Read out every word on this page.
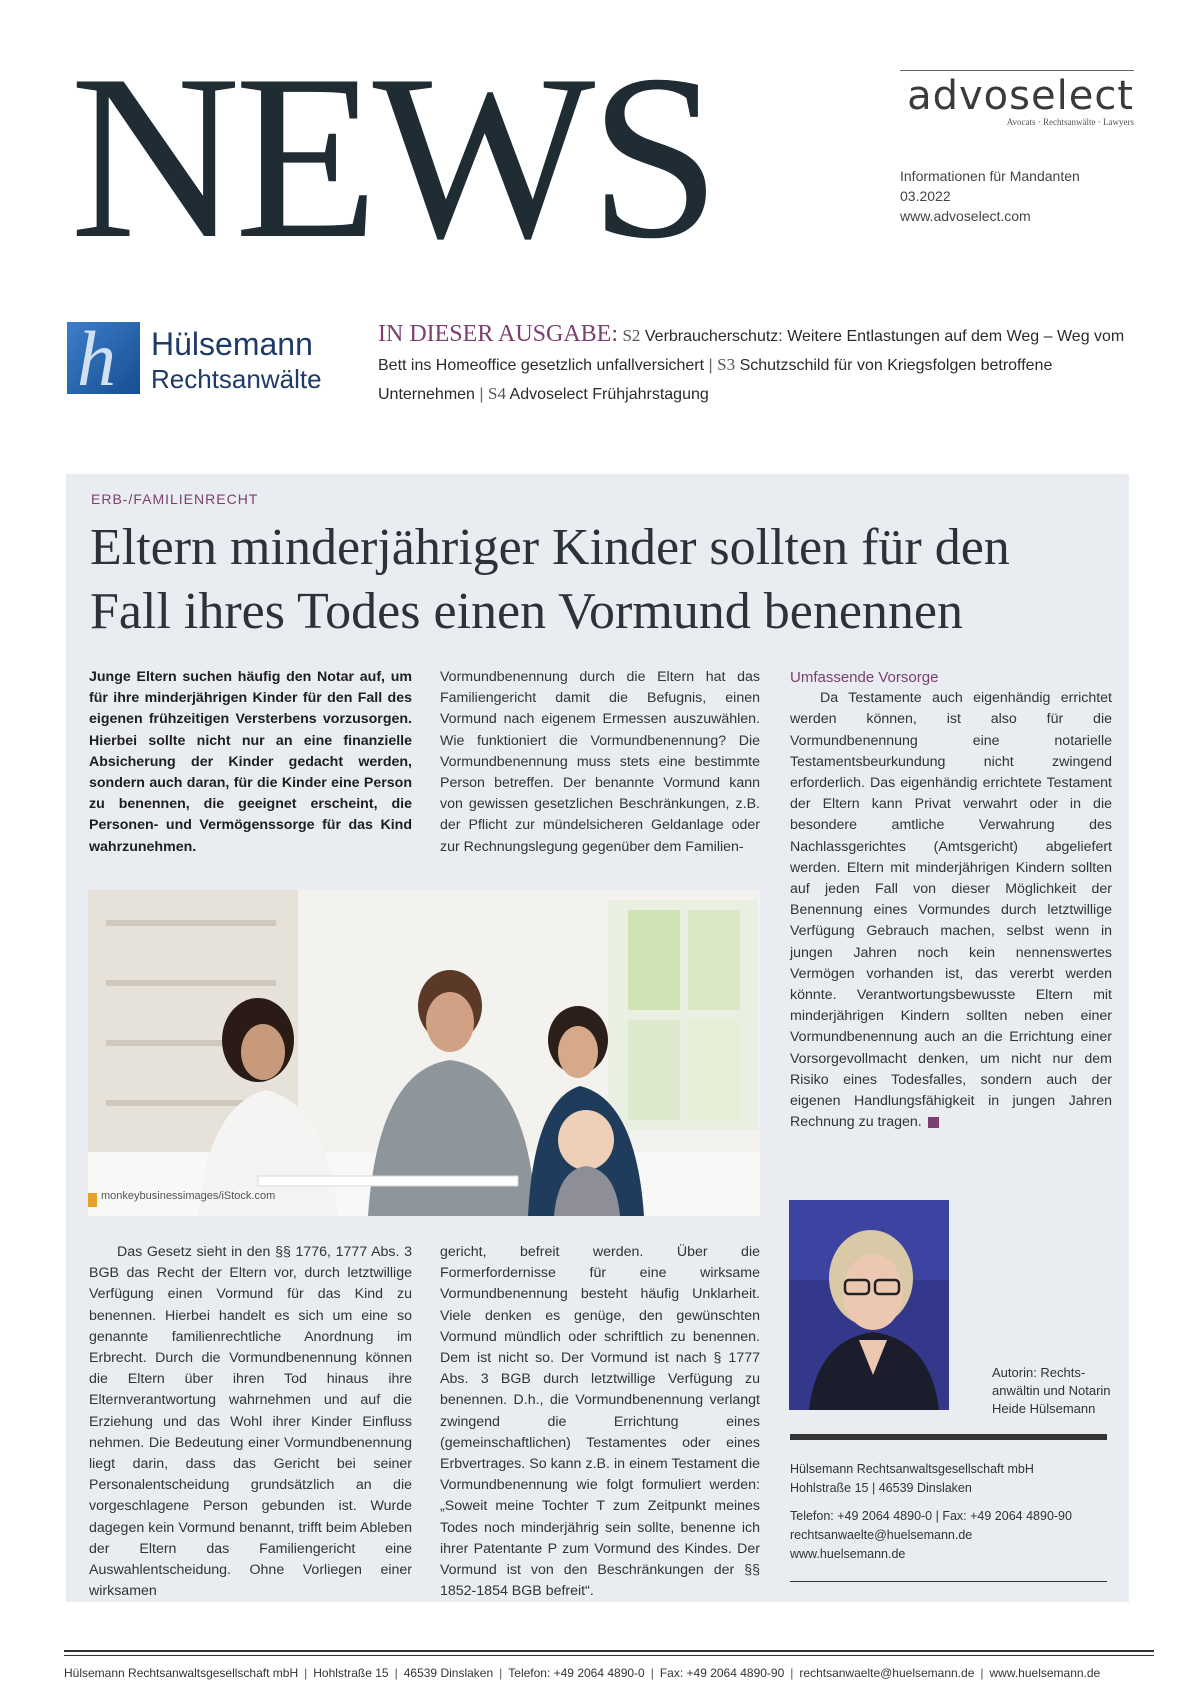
NEWS	advoselect
Avocats · Rechtsanwälte · Lawyers
Informationen für Mandanten
03.2022
www.advoselect.com
h Hülsemann
Rechtsanwälte
IN DIESER AUSGABE: S2 Verbraucherschutz: Weitere Entlastungen auf dem Weg – Weg vom Bett ins Homeoffice gesetzlich unfallversichert | S3 Schutzschild für von Kriegsfolgen betroffene Unternehmen | S4 Advoselect Frühjahrstagung
ERB-/FAMILIENRECHT
Eltern minderjähriger Kinder sollten für den
Fall ihres Todes einen Vormund benennen
Junge Eltern suchen häufig den Notar auf, um für ihre minderjährigen Kinder für den Fall des eigenen frühzeitigen Versterbens vorzusorgen. Hierbei sollte nicht nur an eine finanzielle Absicherung der Kinder gedacht werden, sondern auch daran, für die Kinder eine Person zu benennen, die geeignet erscheint, die Personen- und Vermögenssorge für das Kind wahrzunehmen.
Vormundbenennung durch die Eltern hat das Familiengericht damit die Befugnis, einen Vormund nach eigenem Ermessen auszuwählen. Wie funktioniert die Vormundbenennung? Die Vormundbenennung muss stets eine bestimmte Person betreffen. Der benannte Vormund kann von gewissen gesetzlichen Beschränkungen, z.B. der Pflicht zur mündelsicheren Geldanlage oder zur Rechnungslegung gegenüber dem Familien-
Umfassende Vorsorge

Da Testamente auch eigenhändig errichtet werden können, ist also für die Vormundbenennung eine notarielle Testamentsbeurkundung nicht zwingend erforderlich. Das eigenhändig errichtete Testament der Eltern kann Privat verwahrt oder in die besondere amtliche Verwahrung des Nachlassgerichtes (Amtsgericht) abgeliefert werden. Eltern mit minderjährigen Kindern sollten auf jeden Fall von dieser Möglichkeit der Benennung eines Vormundes durch letztwillige Verfügung Gebrauch machen, selbst wenn in jungen Jahren noch kein nennenswertes Vermögen vorhanden ist, das vererbt werden könnte. Verantwortungsbewusste Eltern mit minderjährigen Kindern sollten neben einer Vormundbenennung auch an die Errichtung einer Vorsorgevollmacht denken, um nicht nur dem Risiko eines Todesfalles, sondern auch der eigenen Handlungsfähigkeit in jungen Jahren Rechnung zu tragen.

monkeybusinessimages/iStock.com
Das Gesetz sieht in den §§ 1776, 1777 Abs. 3 BGB das Recht der Eltern vor, durch letztwillige Verfügung einen Vormund für das Kind zu benennen. Hierbei handelt es sich um eine so genannte familienrechtliche Anordnung im Erbrecht. Durch die Vormundbenennung können die Eltern über ihren Tod hinaus ihre Elternverantwortung wahrnehmen und auf die Erziehung und das Wohl ihrer Kinder Einfluss nehmen. Die Bedeutung einer Vormundbenennung liegt darin, dass das Gericht bei seiner Personalentscheidung grundsätzlich an die vorgeschlagene Person gebunden ist. Wurde dagegen kein Vormund benannt, trifft beim Ableben der Eltern das Familiengericht eine Auswahlentscheidung. Ohne Vorliegen einer wirksamen
gericht, befreit werden. Über die Formerfordernisse für eine wirksame Vormundbenennung besteht häufig Unklarheit. Viele denken es genüge, den gewünschten Vormund mündlich oder schriftlich zu benennen. Dem ist nicht so. Der Vormund ist nach § 1777 Abs. 3 BGB durch letztwillige Verfügung zu benennen. D.h., die Vormundbenennung verlangt zwingend die Errichtung eines (gemeinschaftlichen) Testamentes oder eines Erbvertrages. So kann z.B. in einem Testament die Vormundbenennung wie folgt formuliert werden: „Soweit meine Tochter T zum Zeitpunkt meines Todes noch minderjährig sein sollte, benenne ich ihrer Patentante P zum Vormund des Kindes. Der Vormund ist von den Beschränkungen der §§ 1852-1854 BGB befreit“.
Autorin: Rechts-
anwältin und Notarin
Heide Hülsemann
Hülsemann Rechtsanwaltsgesellschaft mbH
Hohlstraße 15 | 46539 Dinslaken
Telefon: +49 2064 4890-0 | Fax: +49 2064 4890-90
rechtsanwaelte@huelsemann.de
www.huelsemann.de
Hülsemann Rechtsanwaltsgesellschaft mbH | Hohlstraße 15 | 46539 Dinslaken | Telefon: +49 2064 4890-0 | Fax: +49 2064 4890-90 | rechtsanwaelte@huelsemann.de | www.huelsemann.de
